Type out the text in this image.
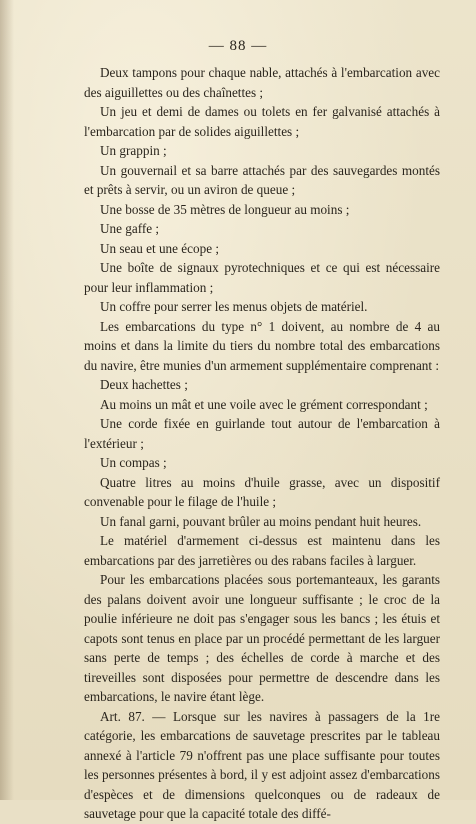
— 88 —

Deux tampons pour chaque nable, attachés à l'embarcation avec des aiguillettes ou des chaînettes ;

Un jeu et demi de dames ou tolets en fer galvanisé attachés à l'embarcation par de solides aiguillettes ;

Un grappin ;

Un gouvernail et sa barre attachés par des sauvegardes montés et prêts à servir, ou un aviron de queue ;

Une bosse de 35 mètres de longueur au moins ;

Une gaffe ;

Un seau et une écope ;

Une boîte de signaux pyrotechniques et ce qui est nécessaire pour leur inflammation ;

Un coffre pour serrer les menus objets de matériel.

Les embarcations du type n° 1 doivent, au nombre de 4 au moins et dans la limite du tiers du nombre total des embarcations du navire, être munies d'un armement supplémentaire comprenant :

Deux hachettes ;

Au moins un mât et une voile avec le grément correspondant ;

Une corde fixée en guirlande tout autour de l'embarcation à l'extérieur ;

Un compas ;

Quatre litres au moins d'huile grasse, avec un dispositif convenable pour le filage de l'huile ;

Un fanal garni, pouvant brûler au moins pendant huit heures.

Le matériel d'armement ci-dessus est maintenu dans les embarcations par des jarretières ou des rabans faciles à larguer.

Pour les embarcations placées sous portemanteaux, les garants des palans doivent avoir une longueur suffisante ; le croc de la poulie inférieure ne doit pas s'engager sous les bancs ; les étuis et capots sont tenus en place par un procédé permettant de les larguer sans perte de temps ; des échelles de corde à marche et des tireveilles sont disposées pour permettre de descendre dans les embarcations, le navire étant lège.

Art. 87. — Lorsque sur les navires à passagers de la 1re catégorie, les embarcations de sauvetage prescrites par le tableau annexé à l'article 79 n'offrent pas une place suffisante pour toutes les personnes présentes à bord, il y est adjoint assez d'embarcations d'espèces et de dimensions quelconques ou de radeaux de sauvetage pour que la capacité totale des diffé-
